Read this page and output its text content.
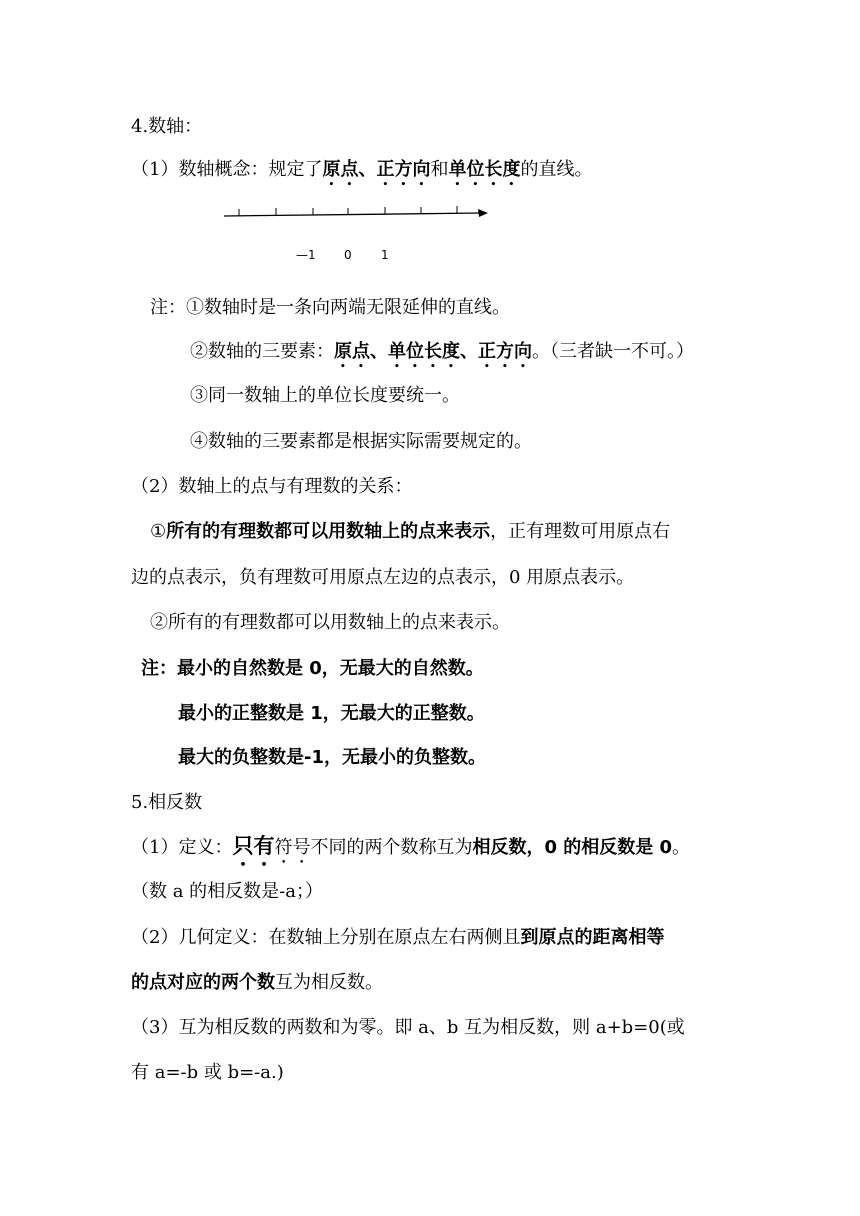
4.数轴：
（1）数轴概念：规定了原点、正方向和单位长度的直线。
—1 0 1
注：①数轴时是一条向两端无限延伸的直线。
②数轴的三要素：原点、单位长度、正方向。（三者缺一不可。）
③同一数轴上的单位长度要统一。
④数轴的三要素都是根据实际需要规定的。
（2）数轴上的点与有理数的关系：
①所有的有理数都可以用数轴上的点来表示，正有理数可用原点右
边的点表示，负有理数可用原点左边的点表示，0 用原点表示。
②所有的有理数都可以用数轴上的点来表示。
注：最小的自然数是 0，无最大的自然数。
最小的正整数是 1，无最大的正整数。
最大的负整数是-1，无最小的负整数。
5.相反数
（1）定义：只有符号不同的两个数称互为相反数，0 的相反数是 0。
（数 a 的相反数是-a；）
（2）几何定义：在数轴上分别在原点左右两侧且到原点的距离相等
的点对应的两个数互为相反数。
（3）互为相反数的两数和为零。即 a、b 互为相反数，则 a+b=0(或
有 a=-b 或 b=-a.)
